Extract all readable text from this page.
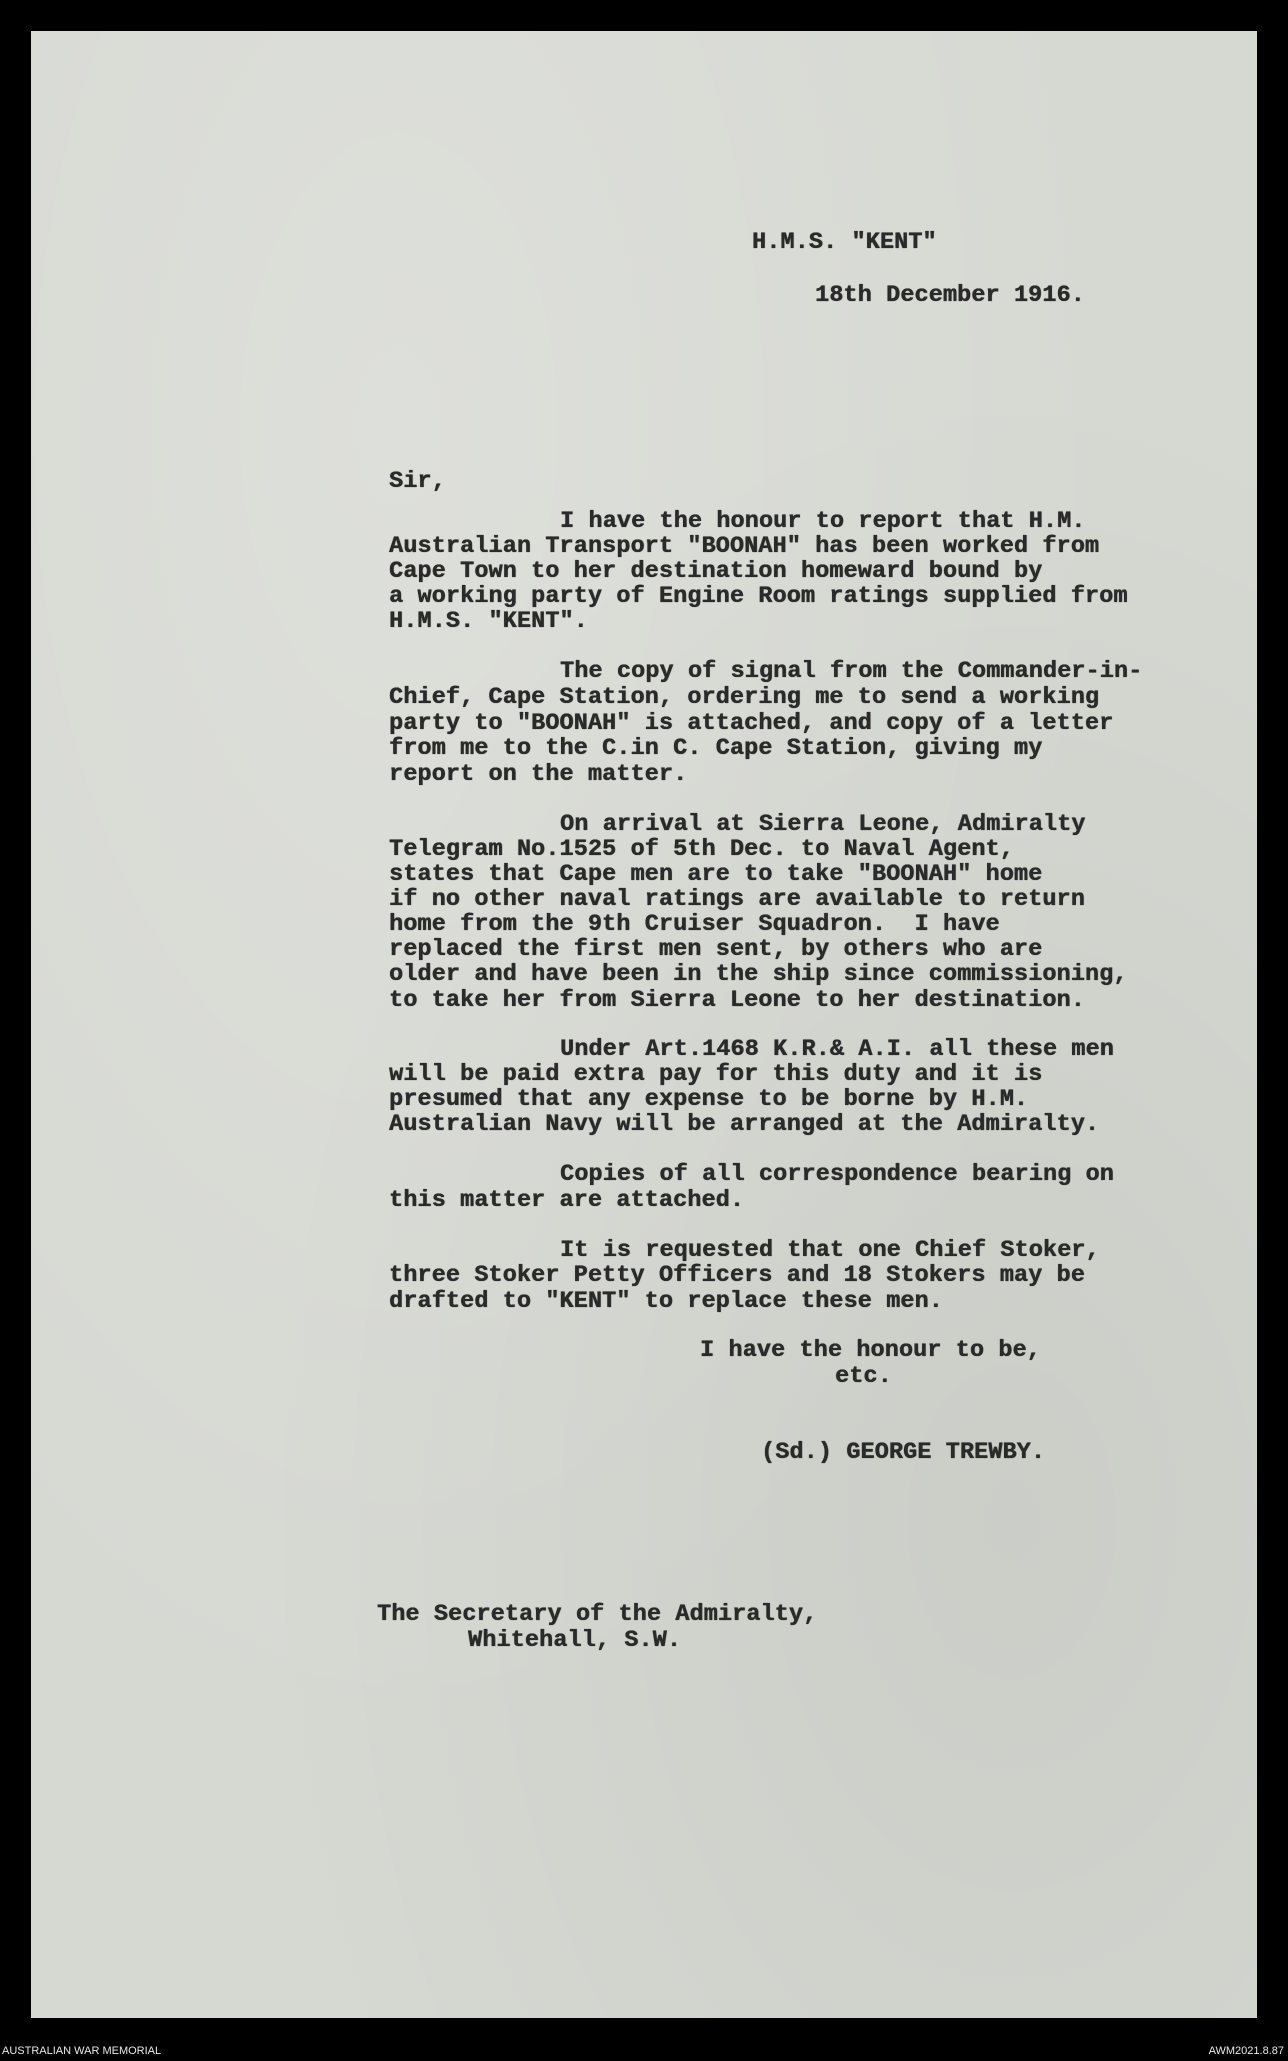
H.M.S. "KENT"

18th December 1916.

Sir,

I have the honour to report that H.M.

Australian Transport "BOONAH" has been worked from

Cape Town to her destination homeward bound by

a working party of Engine Room ratings supplied from

H.M.S. "KENT".

The copy of signal from the Commander-in-

Chief, Cape Station, ordering me to send a working

party to "BOONAH" is attached, and copy of a letter

from me to the C.in C. Cape Station, giving my

report on the matter.

On arrival at Sierra Leone, Admiralty

Telegram No.1525 of 5th Dec. to Naval Agent,

states that Cape men are to take "BOONAH" home

if no other naval ratings are available to return

home from the 9th Cruiser Squadron.  I have

replaced the first men sent, by others who are

older and have been in the ship since commissioning,

to take her from Sierra Leone to her destination.

Under Art.1468 K.R.& A.I. all these men

will be paid extra pay for this duty and it is

presumed that any expense to be borne by H.M.

Australian Navy will be arranged at the Admiralty.

Copies of all correspondence bearing on

this matter are attached.

It is requested that one Chief Stoker,

three Stoker Petty Officers and 18 Stokers may be

drafted to "KENT" to replace these men.

I have the honour to be,

etc.

(Sd.) GEORGE TREWBY.

The Secretary of the Admiralty,

Whitehall, S.W.

AUSTRALIAN WAR MEMORIAL	AWM2021.8.87
